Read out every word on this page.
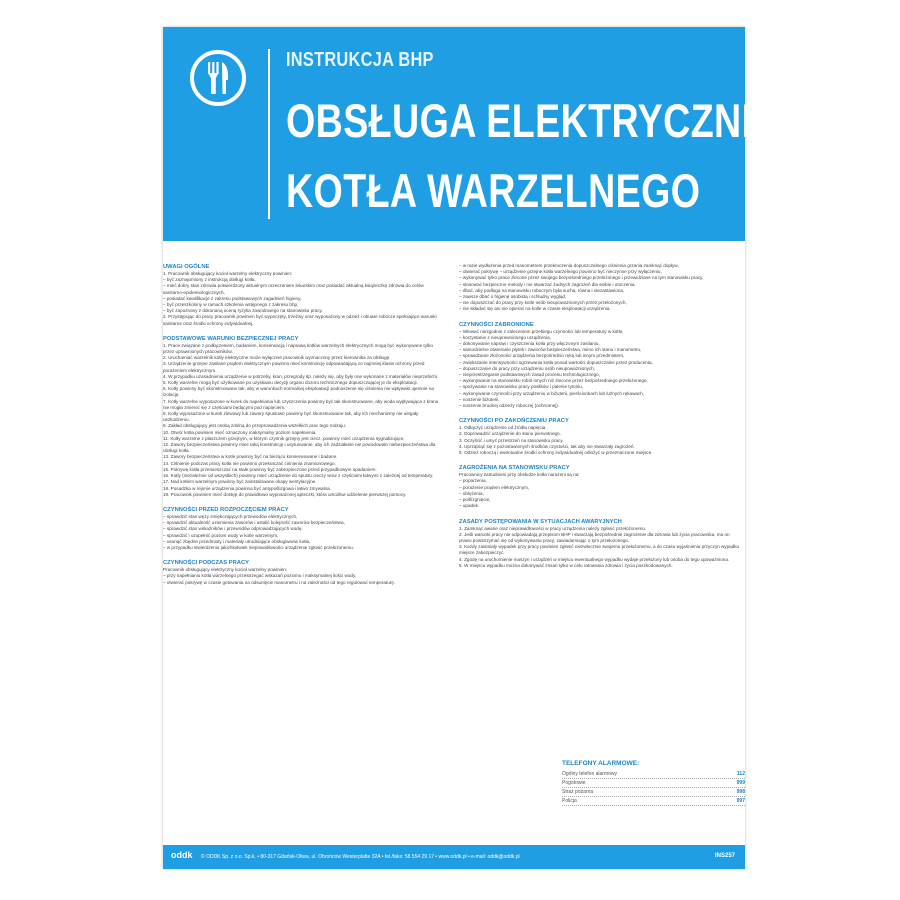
INSTRUKCJA BHP
OBSŁUGA ELEKTRYCZNEGO
KOTŁA WARZELNEGO
UWAGI OGÓLNE
1. Pracownik obsługujący kocioł warzelny elektryczny powinien:
– być zaznajomiony z instrukcją obsługi kotła,
– mieć dobry stan zdrowia potwierdzony aktualnym orzeczeniem lekarskim oraz posiadać aktualną książeczkę zdrowia do celów sanitarno-epidemiologicznych,
– posiadać kwalifikacje z zakresu podstawowych zagadnień higieny,
– być przeszkolony w ramach szkolenia wstępnego z zakresu bhp,
– być zapoznany z dokonaną oceną ryzyka zawodowego na stanowisku pracy.
2. Przystępując do pracy pracownik powinien być wypoczęty, trzeźwy oraz wyposażony w odzież i obuwie robocze spełniające warunki sanitarne oraz środki ochrony indywidualnej.
PODSTAWOWE WARUNKI BEZPIECZNEJ PRACY
1. Prace związane z podłączeniem, badaniem, konserwacją i naprawą kotłów warzelnych elektrycznych mogą być wykonywane tylko przez uprawnionych pracowników.
2. Uruchamiać warzelnik kotły elektryczne może wyłącznie pracownik wyznaczony przez kierownika za obsługę.
3. Urządzenie grzejne zasilane prądem elektrycznym powinno mieć konstrukcję odpowiadającą co najmniej klasie ochrony przed porażeniem elektrycznym.
4. W przypadku uzasadnienia urządzenie w potrzeby, kran, przegrody itp. należy się, aby były one wykonane z materiałów nieprzebichi.
5. Kotły warzelne mogą być użytkowane po uzyskaniu decyzji organu dozoru technicznego dopuszczającej je do eksploatacji.
6. Kotły powinny być skonstruowane tak, aby w warunkach normalnej eksploatacji podnoszenie się ciśnienia nie wpływało ujemnie na izolację.
7. Kotły warzelne wyposażone w kurek do napełniania lub czyszczenia powinny być tak skonstruowane, aby woda wypływająca z kranu nie mogła zmienić się z częściami będącymi pod napięciem.
8. Kotły wyposażone w kurek zlewowy lub zawory spustowe powinny być skonstruowane tak, aby ich mechanizmy nie ulegały uszkodzeniu.
9. Zakład obsługujący jest osobą zdolną do przeprowadzenia wszelkich prac tego rodzaju.
10. Otwór kotła powinien mieć oznaczony maksymalny poziom napełnienia.
11. Kotły warzelne z płaszczem grzejnym, w którym czynnik grzejny jest ciecz, powinny mieć urządzenia sygnalizujące.
12. Zawory bezpieczeństwa powinny mieć taką konstrukcję i usytuowanie, aby ich zadziałanie nie powodowało niebezpieczeństwa dla obsługi kotła.
13. Zawory bezpieczeństwa w kotle powinny być na bieżąco konserwowane i badane.
14. Ciśnienie podczas pracy kotła nie powinno przekraczać ciśnienia znamionowego.
15. Pokrywę kotła przemieszczać na stałe powinny być zabezpieczone przed przypadkowym opadaniem.
16. Kotły (niezależnie od wszystkich) powinny mieć urządzenie do spustu cieczy wraz z częściami łatwymi z zależnej od temperatury.
17. Nad kotłem warzelnym powinny być zainstalowane okapy wentylacyjne.
18. Posadzka w rejonie urządzenia powinna być antypoślizgowa i łatwo zmywalna.
19. Pracownik powinien mieć dostęp do prawidłowo wyposażonej apteczki, która umożliwi udzielenie pierwszej pomocy.
CZYNNOŚCI PRZED ROZPOCZĘCIEM PRACY
– sprawdzić stan węży zmiękczających przewodów elektrycznych,
– sprawdzić aktualność uziemienia zaworów i ustalić kolejność zaworów bezpieczeństwa,
– sprawdzić stan wskaźników i przewodów odprowadzających wodę,
– sprawdzić i uzupełnić poziom wody w kotle warzelnym,
– usunąć zbędne przedmioty i materiały utrudniające obsługiwanie kotła,
– w przypadku stwierdzenia jakichkolwiek nieprawidłowości urządzenie zgłosić przełożonemu.
CZYNNOŚCI PODCZAS PRACY
Pracownik obsługujący elektryczny kocioł warzelny powinien:
– przy napełnianiu kotła warzelnego przestrzegać wskazań poziomu i maksymalnej ilości wody,
– otwierać pokrywę w czasie gotowania na odsunięcie manometru i na zależności od tego regulować temperaturę.
– w razie wydłużenia przed manometrem przekroczenia dopuszczalnego ciśnienia grzania zamknąć dopływ,
– otwierać pokrywę – urządzenie grzejne kotła warzelnego powinno być nieczynne przy wyłączeniu,
– wykonywać tylko prace zlecone przez swojego bezpośredniego przełożonego i przewidziane na tym stanowisku pracy,
– stosować bezpieczne metody i nie stwarzać żadnych zagrożeń dla siebie i otoczenia,
– dbać, aby podłoga na stanowisku roboczym była sucha, równa i niezastawiona,
– zawsze dbać o higienę osobistą i schludny wygląd,
– nie dopuszczać do pracy przy kotle osób nieupoważnionych przez przełożonych,
– nie składać się ani nie opierać na kotle w czasie eksploatacji urządzenia.
CZYNNOŚCI ZABRONIONE
– Wlewać niezgodnie z zaleceniem przebiegu czynności lub temperatury w kotle,
– korzystanie z nieuprawnionego urządzenia,
– dokonywanie napraw i czyszczenia kotła przy włączonym zasilaniu,
– samodzielne otwieranie płytek i zaworów bezpieczeństwa, mimo ich stanu i manometru,
– sprawdzanie złożoności urządzenia bezpośrednio ręką lub innym przedmiotem,
– zwiększanie intensywności ogrzewania kotła ponad wartości dopuszczalne przez producenta,
– dopuszczanie do pracy przy urządzeniu osób nieupoważnionych,
– nieprzestrzeganie podstawowych zasad procesu technologicznego,
– wykonywanie na stanowisku robót innych niż zlecone przez bezpośredniego przełożonego,
– spożywanie na stanowisku pracy posiłków i palenie tytoniu,
– wykonywanie czynności przy urządzeniu w biżuterii, pierścionkach lub luźnych rękawach,
– noszenie biżuterii,
– noszenie brudnej odzieży roboczej (ochronnej).
CZYNNOŚCI PO ZAKOŃCZENIU PRACY
1. Odłączyć urządzenie od źródła napięcia.
2. Doprowadzić urządzenie do stanu pierwotnego.
3. Oczyścić i umyć przestrzeń na stanowisku pracy.
4. Uprzątnąć się z pozostawionych środków czystości, tak aby nie stwarzały zagrożeń.
5. Odzież roboczą i ewentualne środki ochrony indywidualnej odłożyć w przeznaczone miejsce.
ZAGROŻENIA NA STANOWISKU PRACY
Pracownicy zatrudnieni przy obsłudze kotła narażeni są na:
– poparzenia,
– porażenie prądem elektrycznym,
– oblężenia,
– poślizgnięcie,
– upadek.
ZASADY POSTĘPOWANIA W SYTUACJACH AWARYJNYCH
1. Zamknąć awarie oraz nieprawidłowości w pracy urządzenia należy zgłosić przełożonemu.
2. Jeśli warunki pracy nie odpowiadają przepisom BHP i stwarzają bezpośrednie zagrożenie dla zdrowia lub życia pracownika, ma on prawo powstrzymać się od wykonywania pracy, zawiadamiając o tym przełożonego.
3. Każdy zaistniały wypadek przy pracy powinien zgłosić niezwłocznie swojemu przełożonemu, a do czasu wyjaśnienia przyczyn wypadku miejsce zabezpieczyć.
4. Zgodę na uruchomienie maszyn i urządzeń w miejscu ewentualnego wypadku wydaje przełożony lub osoba do tego upoważniona.
5. W miejscu wypadku można dokonywać zmian tylko w celu ratowania zdrowia i życia poszkodowanych.
TELEFONY ALARMOWE:
Ogólny telefon alarmowy	112
Pogotowie	999
Straż pożarna	998
Policja	997
oddk © ODDK Sp. z o.o. Sp.k. • 80-317 Gdańsk-Oliwa, ul. Obrońców Westerplatte 32A • tel./faks: 58 554 29 17 • www.oddk.pl • e-mail: oddk@oddk.pl	INS257
